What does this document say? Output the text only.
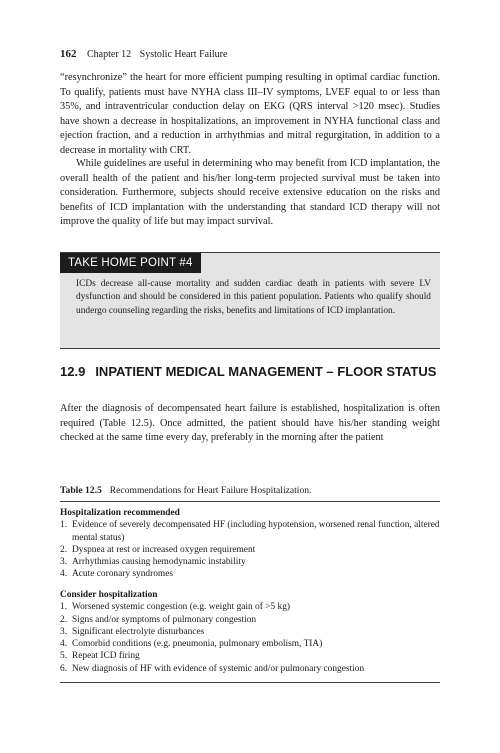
162 Chapter 12 Systolic Heart Failure

“resynchronize” the heart for more efficient pumping resulting in optimal cardiac function. To qualify, patients must have NYHA class III–IV symptoms, LVEF equal to or less than 35%, and intraventricular conduction delay on EKG (QRS interval >120 msec). Studies have shown a decrease in hospitalizations, an improvement in NYHA functional class and ejection fraction, and a reduction in arrhythmias and mitral regurgitation, in addition to a decrease in mortality with CRT.

While guidelines are useful in determining who may benefit from ICD implantation, the overall health of the patient and his/her long-term projected survival must be taken into consideration. Furthermore, subjects should receive extensive education on the risks and benefits of ICD implantation with the understanding that standard ICD therapy will not improve the quality of life but may impact survival.

TAKE HOME POINT #4

ICDs decrease all-cause mortality and sudden cardiac death in patients with severe LV dysfunction and should be considered in this patient population. Patients who qualify should undergo counseling regarding the risks, benefits and limitations of ICD implantation.

12.9 INPATIENT MEDICAL MANAGEMENT – FLOOR STATUS

After the diagnosis of decompensated heart failure is established, hospitalization is often required (Table 12.5). Once admitted, the patient should have his/her standing weight checked at the same time every day, preferably in the morning after the patient

Table 12.5 Recommendations for Heart Failure Hospitalization.
Hospitalization recommended
1. Evidence of severely decompensated HF (including hypotension, worsened renal function, altered mental status)
2. Dyspnea at rest or increased oxygen requirement
3. Arrhythmias causing hemodynamic instability
4. Acute coronary syndromes
Consider hospitalization
1. Worsened systemic congestion (e.g. weight gain of >5 kg)
2. Signs and/or symptoms of pulmonary congestion
3. Significant electrolyte disturbances
4. Comorbid conditions (e.g. pneumonia, pulmonary embolism, TIA)
5. Repeat ICD firing
6. New diagnosis of HF with evidence of systemic and/or pulmonary congestion
